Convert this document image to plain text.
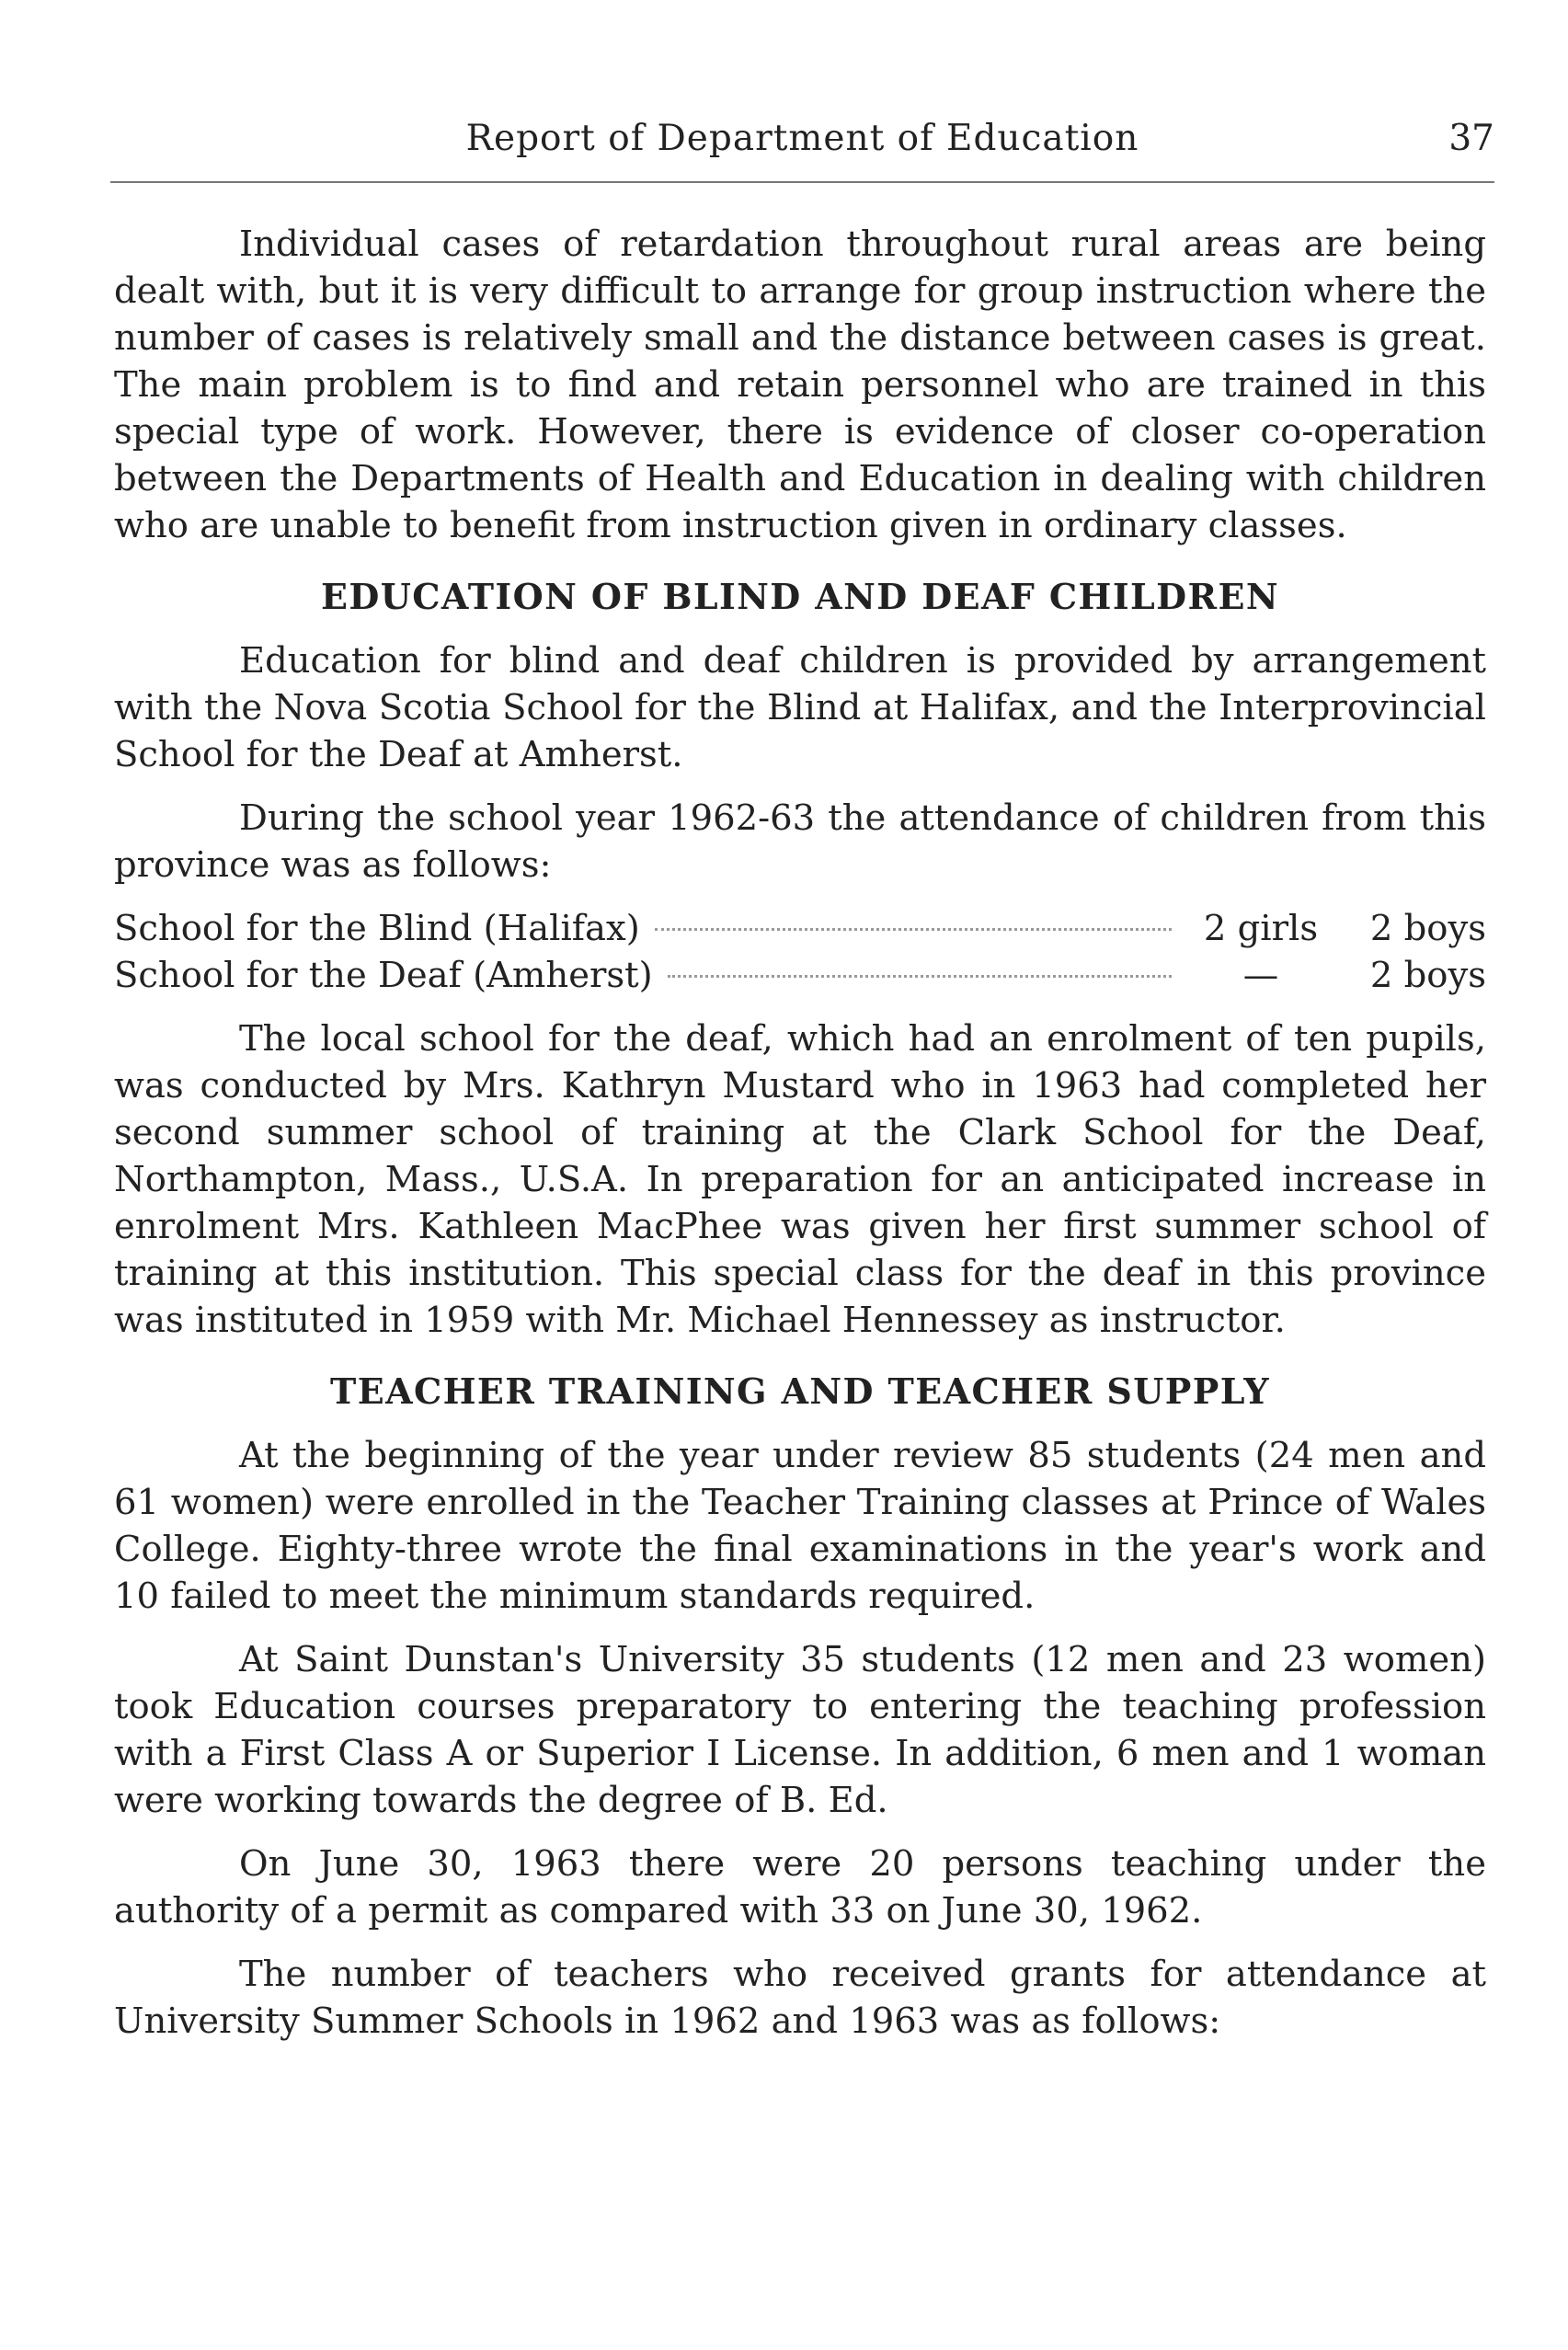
Report of Department of Education	37

Individual cases of retardation throughout rural areas are being dealt with, but it is very difficult to arrange for group instruction where the number of cases is relatively small and the distance between cases is great. The main problem is to find and retain personnel who are trained in this special type of work. However, there is evidence of closer co-operation between the Departments of Health and Education in dealing with children who are unable to benefit from instruction given in ordinary classes.

EDUCATION OF BLIND AND DEAF CHILDREN

Education for blind and deaf children is provided by arrangement with the Nova Scotia School for the Blind at Halifax, and the Interprovincial School for the Deaf at Amherst.

During the school year 1962-63 the attendance of children from this province was as follows:

School for the Blind (Halifax)	2 girls	2 boys
School for the Deaf (Amherst)	—	2 boys

The local school for the deaf, which had an enrolment of ten pupils, was conducted by Mrs. Kathryn Mustard who in 1963 had completed her second summer school of training at the Clark School for the Deaf, Northampton, Mass., U.S.A. In preparation for an anticipated increase in enrolment Mrs. Kathleen MacPhee was given her first summer school of training at this institution. This special class for the deaf in this province was instituted in 1959 with Mr. Michael Hennessey as instructor.

TEACHER TRAINING AND TEACHER SUPPLY

At the beginning of the year under review 85 students (24 men and 61 women) were enrolled in the Teacher Training classes at Prince of Wales College. Eighty-three wrote the final examinations in the year's work and 10 failed to meet the minimum standards required.

At Saint Dunstan's University 35 students (12 men and 23 women) took Education courses preparatory to entering the teaching profession with a First Class A or Superior I License. In addition, 6 men and 1 woman were working towards the degree of B. Ed.

On June 30, 1963 there were 20 persons teaching under the authority of a permit as compared with 33 on June 30, 1962.

The number of teachers who received grants for attendance at University Summer Schools in 1962 and 1963 was as follows:
